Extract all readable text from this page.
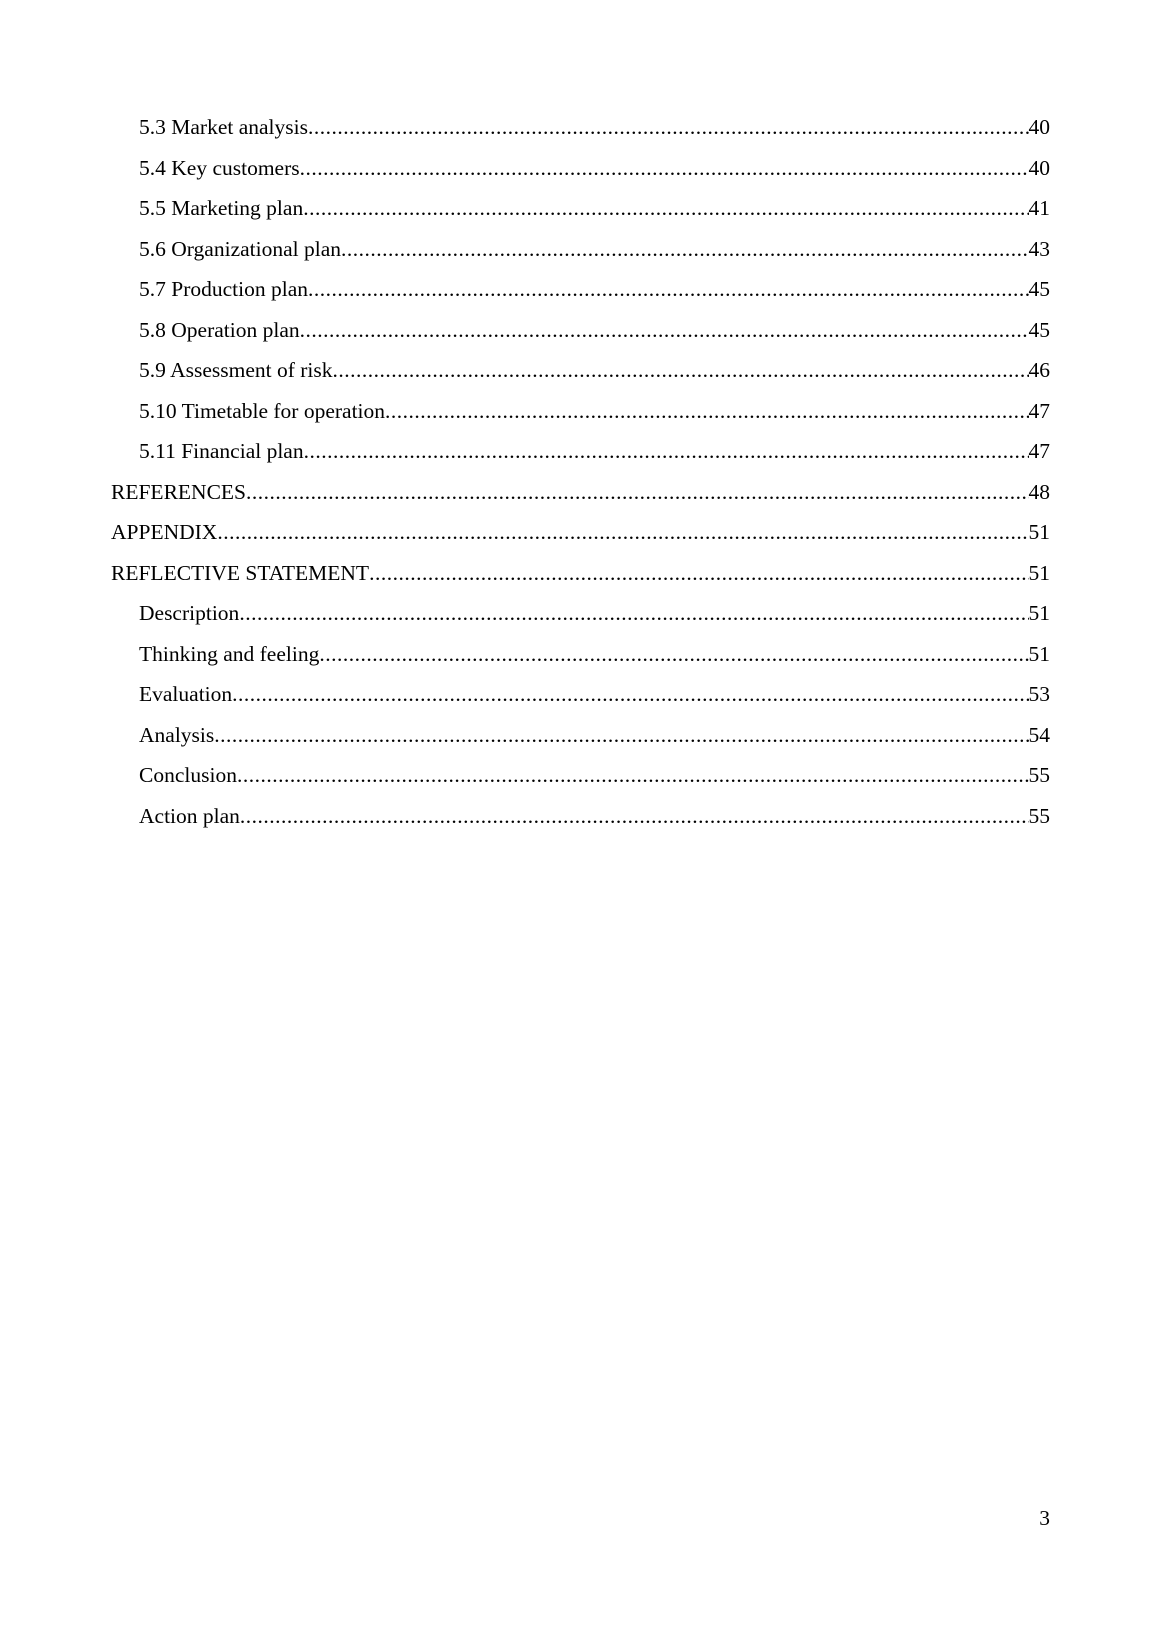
5.3 Market analysis .....	40
5.4 Key customers .....	40
5.5 Marketing plan .....	41
5.6 Organizational plan .....	43
5.7 Production plan .....	45
5.8 Operation plan .....	45
5.9 Assessment of risk .....	46
5.10 Timetable for operation .....	47
5.11 Financial plan .....	47
REFERENCES .....	48
APPENDIX .....	51
REFLECTIVE STATEMENT .....	51
Description .....	51
Thinking and feeling .....	51
Evaluation .....	53
Analysis .....	54
Conclusion .....	55
Action plan .....	55
3
